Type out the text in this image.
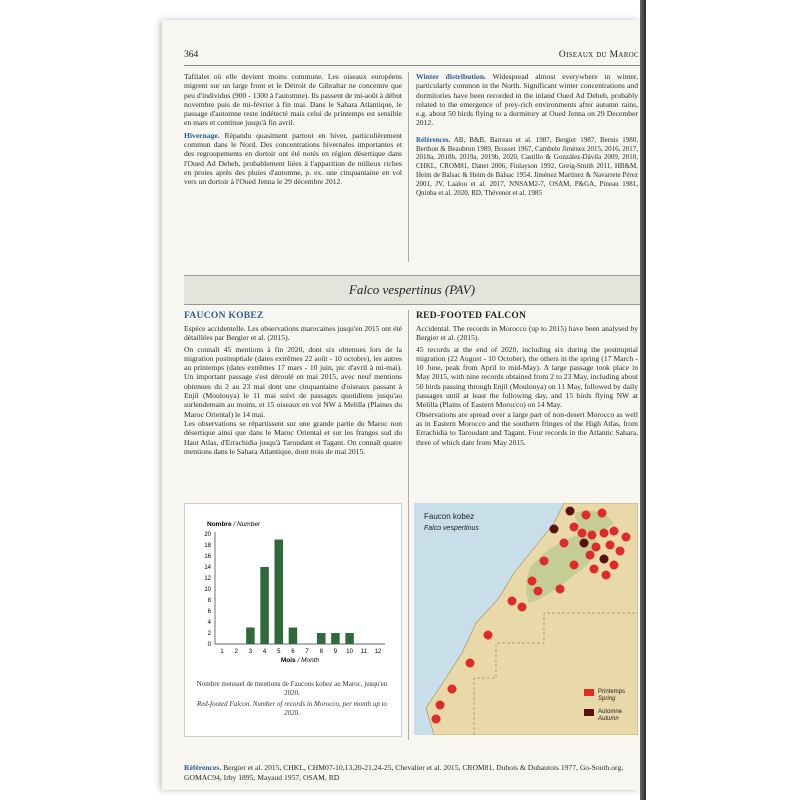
364	Oiseaux du Maroc

Tafilalet où elle devient moins commune. Les oiseaux européens migrent sur un large front et le Détroit de Gibraltar ne concentre que peu d'individus (900 - 1300 à l'automne). Ils passent de mi-août à début novembre puis de mi-février à fin mai. Dans le Sahara Atlantique, le passage d'automne reste indétecté mais celui de printemps est sensible en mars et continue jusqu'à fin avril.

Hivernage. Répandu quasiment partout en hiver, particulièrement commun dans le Nord. Des concentrations hivernales importantes et des regroupements en dortoir ont été notés en région désertique dans l'Oued Ad Deheb, probablement liées à l'apparition de milieux riches en proies après des pluies d'automne, p. ex. une cinquantaine en vol vers un dortoir à l'Oued Jenna le 29 décembre 2012.

Winter distribution. Widespread almost everywhere in winter, particularly common in the North. Significant winter concentrations and dormitories have been recorded in the inland Oued Ad Deheb, probably related to the emergence of prey-rich environments after autumn rains, e.g. about 50 birds flying to a dormitory at Oued Jenna on 29 December 2012.

Références. AB, B&B, Barreau et al. 1987, Bergier 1987, Bernis 1980, Berthon & Beaubrun 1989, Brosset 1967, Cambelo Jiménez 2015, 2016, 2017, 2018a, 2018b, 2019a, 2019b, 2020, Castillo & González-Dávila 2009, 2010, CHKL, CROM81, Danet 2006, Finlayson 1992, Greig-Smith 2011, HB&M, Heim de Balsac & Heim de Balsac 1954, Jiménez Martínez & Navarrete Pérez 2001, JV, Laalou et al. 2017, NNSAM2-7, OSAM, P&GA, Pineau 1981, Qninba et al. 2020, RD, Thévenot et al. 1985

Falco vespertinus (PAV)
FAUCON KOBEZ

Espèce accidentelle. Les observations marocaines jusqu'en 2015 ont été détaillées par Bergier et al. (2015).

On connaît 45 mentions à fin 2020, dont six obtenues lors de la migration postnuptiale (dates extrêmes 22 août - 10 octobre), les autres au printemps (dates extrêmes 17 mars - 10 juin, pic d'avril à mi-mai). Un important passage s'est déroulé en mai 2015, avec neuf mentions obtenues du 2 au 23 mai dont une cinquantaine d'oiseaux passant à Enjil (Moulouya) le 11 mai suivi de passages quotidiens jusqu'au surlendemain au moins, et 15 oiseaux en vol NW à Melilla (Plaines du Maroc Oriental) le 14 mai.

Les observations se répartissent sur une grande partie du Maroc non désertique ainsi que dans le Maroc Oriental et sur les franges sud du Haut Atlas, d'Errachidia jusqu'à Taroudant et Tagant. On connaît quatre mentions dans le Sahara Atlantique, dont trois de mai 2015.

RED-FOOTED FALCON

Accidental. The records in Morocco (up to 2015) have been analysed by Bergier et al. (2015).

45 records at the end of 2020, including six during the postnuptial migration (22 August - 10 October), the others in the spring (17 March - 10 June, peak from April to mid-May). A large passage took place in May 2015, with nine records obtained from 2 to 23 May, including about 50 birds passing through Enjil (Moulouya) on 11 May, followed by daily passages until at least the following day, and 15 birds flying NW at Melilla (Plains of Eastern Morocco) on 14 May.

Observations are spread over a large part of non-desert Morocco as well as in Eastern Morocco and the southern fringes of the High Atlas, from Errachidia to Taroudant and Tagant. Four records in the Atlantic Sahara, three of which date from May 2015.

Nombre / Number
0
2
4
6
8
10
12
14
16
18
20
1 2 3 4 5 6 7 8 9 10 11 12
Mois / Month
Nombre mensuel de mentions de Faucons kobez au Maroc, jusqu'en 2020.
Red-footed Falcon. Number of records in Morocco, per month up to 2020.
Faucon kobez
Falco vespertinus
Printemps
Spring
Automne
Autumn
Références. Bergier et al. 2015, CHKL, CHM07-10,13,20-21,24-25, Chevalier et al. 2015, CROM81, Dubois & Duhautois 1977, Go-South.org, GOMAC94, Irby 1895, Mayaud 1957, OSAM, RD
